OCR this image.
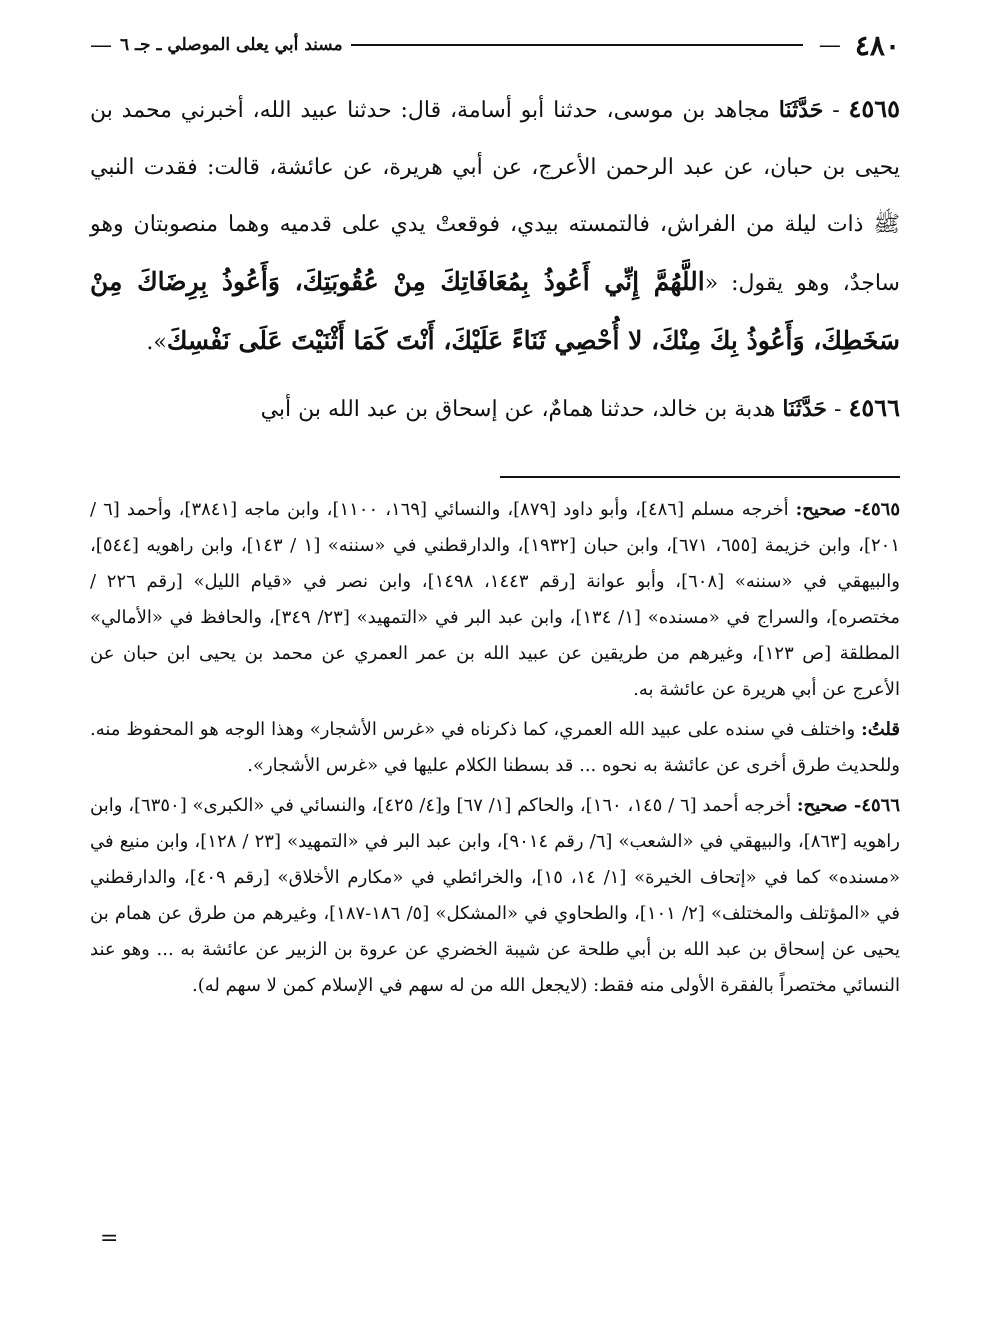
٤٨٠
—
مسند أبي يعلى الموصلي ـ جـ ٦
—

٤٥٦٥ - حَدَّثَنَا مجاهد بن موسى، حدثنا أبو أسامة، قال: حدثنا عبيد الله، أخبرني محمد بن يحيى بن حبان، عن عبد الرحمن الأعرج، عن أبي هريرة، عن عائشة، قالت: فقدت النبي ﷺ ذات ليلة من الفراش، فالتمسته بيدي، فوقعتْ يدي على قدميه وهما منصوبتان وهو ساجدٌ، وهو يقول: «اللَّهُمَّ إِنِّي أَعُوذُ بِمُعَافَاتِكَ مِنْ عُقُوبَتِكَ، وَأَعُوذُ بِرِضَاكَ مِنْ سَخَطِكَ، وَأَعُوذُ بِكَ مِنْكَ، لا أُحْصِي ثَنَاءً عَلَيْكَ، أَنْتَ كَمَا أَثْنَيْتَ عَلَى نَفْسِكَ».

٤٥٦٦ - حَدَّثَنَا هدبة بن خالد، حدثنا همامٌ، عن إسحاق بن عبد الله بن أبي

٤٥٦٥- صحيح: أخرجه مسلم [٤٨٦]، وأبو داود [٨٧٩]، والنسائي [١٦٩، ١١٠٠]، وابن ماجه [٣٨٤١]، وأحمد [٦ / ٢٠١]، وابن خزيمة [٦٥٥، ٦٧١]، وابن حبان [١٩٣٢]، والدارقطني في «سننه» [١ / ١٤٣]، وابن راهويه [٥٤٤]، والبيهقي في «سننه» [٦٠٨]، وأبو عوانة [رقم ١٤٤٣، ١٤٩٨]، وابن نصر في «قيام الليل» [رقم ٢٢٦ / مختصره]، والسراج في «مسنده» [١/ ١٣٤]، وابن عبد البر في «التمهيد» [٢٣/ ٣٤٩]، والحافظ في «الأمالي» المطلقة [ص ١٢٣]، وغيرهم من طريقين عن عبيد الله بن عمر العمري عن محمد بن يحيى ابن حبان عن الأعرج عن أبي هريرة عن عائشة به.

قلتُ: واختلف في سنده على عبيد الله العمري، كما ذكرناه في «غرس الأشجار» وهذا الوجه هو المحفوظ منه. وللحديث طرق أخرى عن عائشة به نحوه ... قد بسطنا الكلام عليها في «غرس الأشجار».

٤٥٦٦- صحيح: أخرجه أحمد [٦ / ١٤٥، ١٦٠]، والحاكم [١/ ٦٧] و[٤/ ٤٢٥]، والنسائي في «الكبرى» [٦٣٥٠]، وابن راهويه [٨٦٣]، والبيهقي في «الشعب» [٦/ رقم ٩٠١٤]، وابن عبد البر في «التمهيد» [٢٣ / ١٢٨]، وابن منيع في «مسنده» كما في «إتحاف الخيرة» [١/ ١٤، ١٥]، والخرائطي في «مكارم الأخلاق» [رقم ٤٠٩]، والدارقطني في «المؤتلف والمختلف» [٢/ ١٠١]، والطحاوي في «المشكل» [٥/ ١٨٦-١٨٧]، وغيرهم من طرق عن همام بن يحيى عن إسحاق بن عبد الله بن أبي طلحة عن شيبة الخضري عن عروة بن الزبير عن عائشة به ... وهو عند النسائي مختصراً بالفقرة الأولى منه فقط: (لايجعل الله من له سهم في الإسلام كمن لا سهم له).

=
